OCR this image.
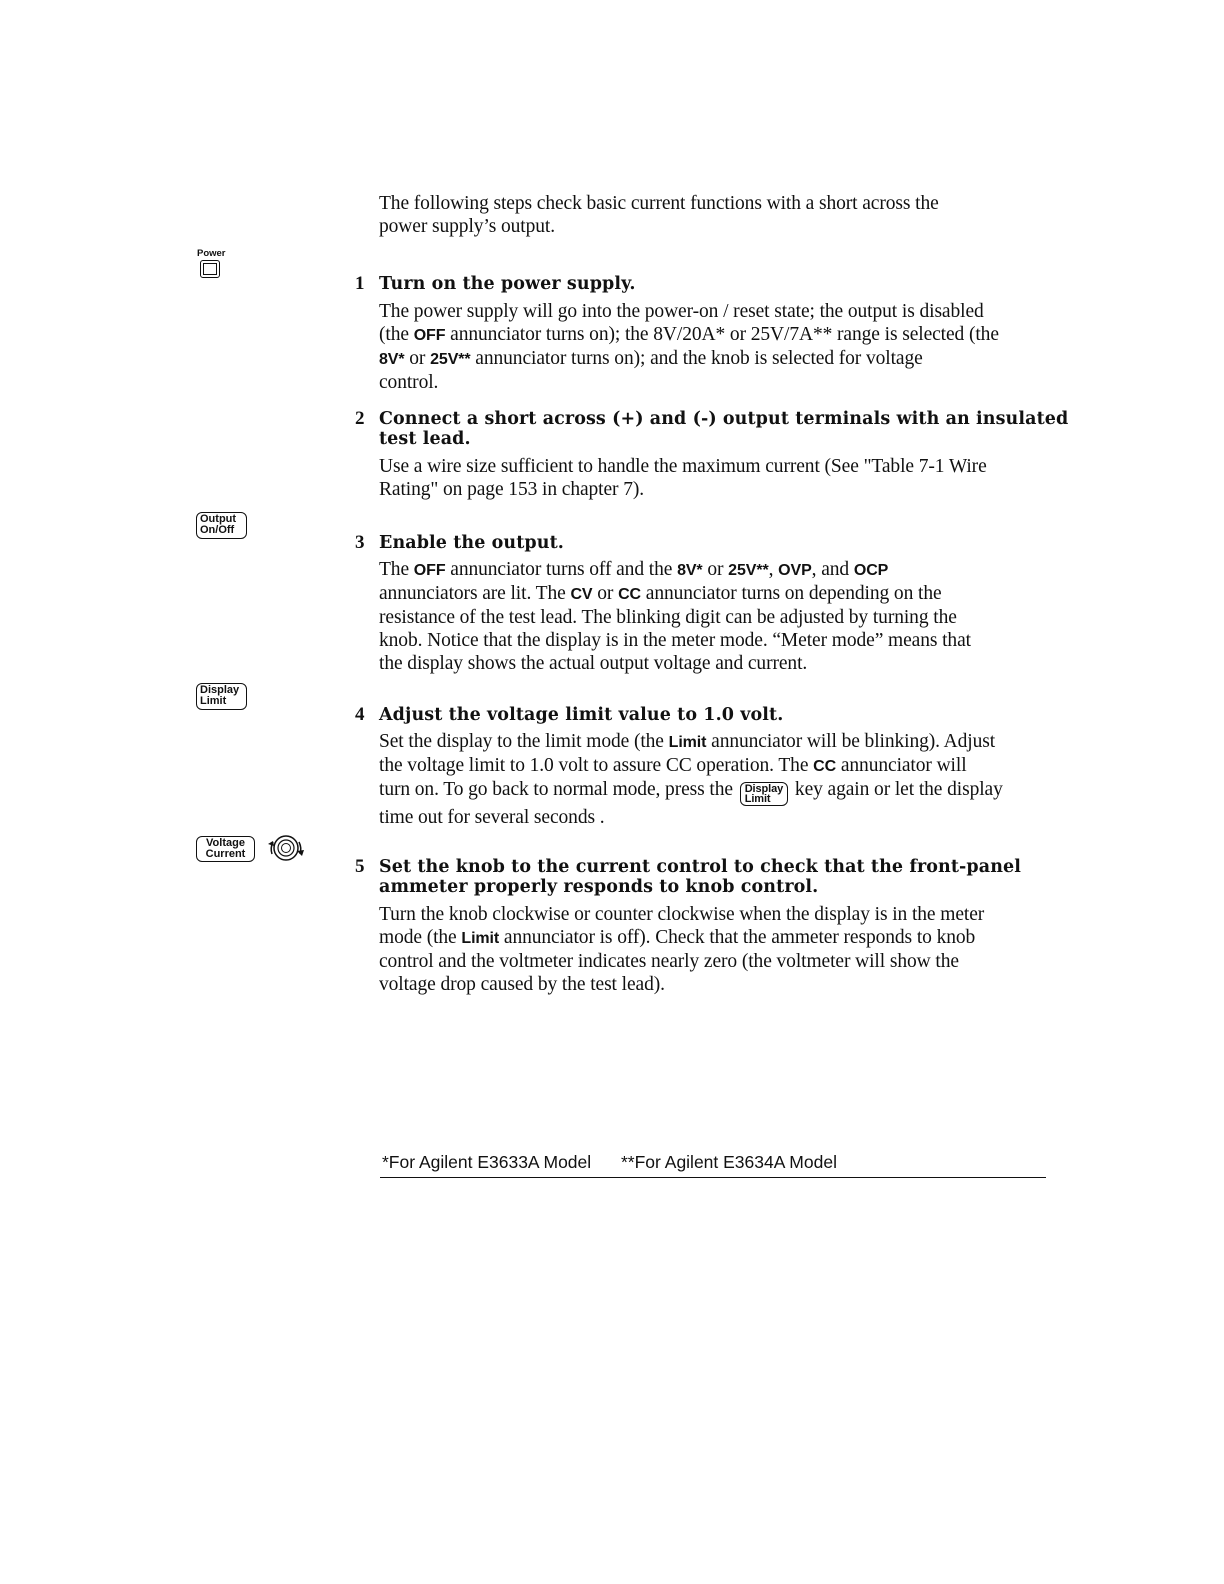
The following steps check basic current functions with a short across the
power supply’s output.
Power
1 Turn on the power supply.
The power supply will go into the power-on / reset state; the output is disabled
(the OFF annunciator turns on); the 8V/20A* or 25V/7A** range is selected (the
8V* or 25V** annunciator turns on); and the knob is selected for voltage
control.
2 Connect a short across (+) and (-) output terminals with an insulated
test lead.
Use a wire size sufficient to handle the maximum current (See "Table 7-1 Wire
Rating" on page 153 in chapter 7).
Output
On/Off
3 Enable the output.
The OFF annunciator turns off and the 8V* or 25V**, OVP, and OCP
annunciators are lit. The CV or CC annunciator turns on depending on the
resistance of the test lead. The blinking digit can be adjusted by turning the
knob. Notice that the display is in the meter mode. “Meter mode” means that
the display shows the actual output voltage and current.
Display
Limit
4 Adjust the voltage limit value to 1.0 volt.
Set the display to the limit mode (the Limit annunciator will be blinking). Adjust
the voltage limit to 1.0 volt to assure CC operation. The CC annunciator will
turn on. To go back to normal mode, press the Display
Limit	key again or let the display
time out for several seconds .
Voltage
Current
5 Set the knob to the current control to check that the front-panel
ammeter properly responds to knob control.
Turn the knob clockwise or counter clockwise when the display is in the meter
mode (the Limit annunciator is off). Check that the ammeter responds to knob
control and the voltmeter indicates nearly zero (the voltmeter will show the
voltage drop caused by the test lead).
*For Agilent E3633A Model **For Agilent E3634A Model
